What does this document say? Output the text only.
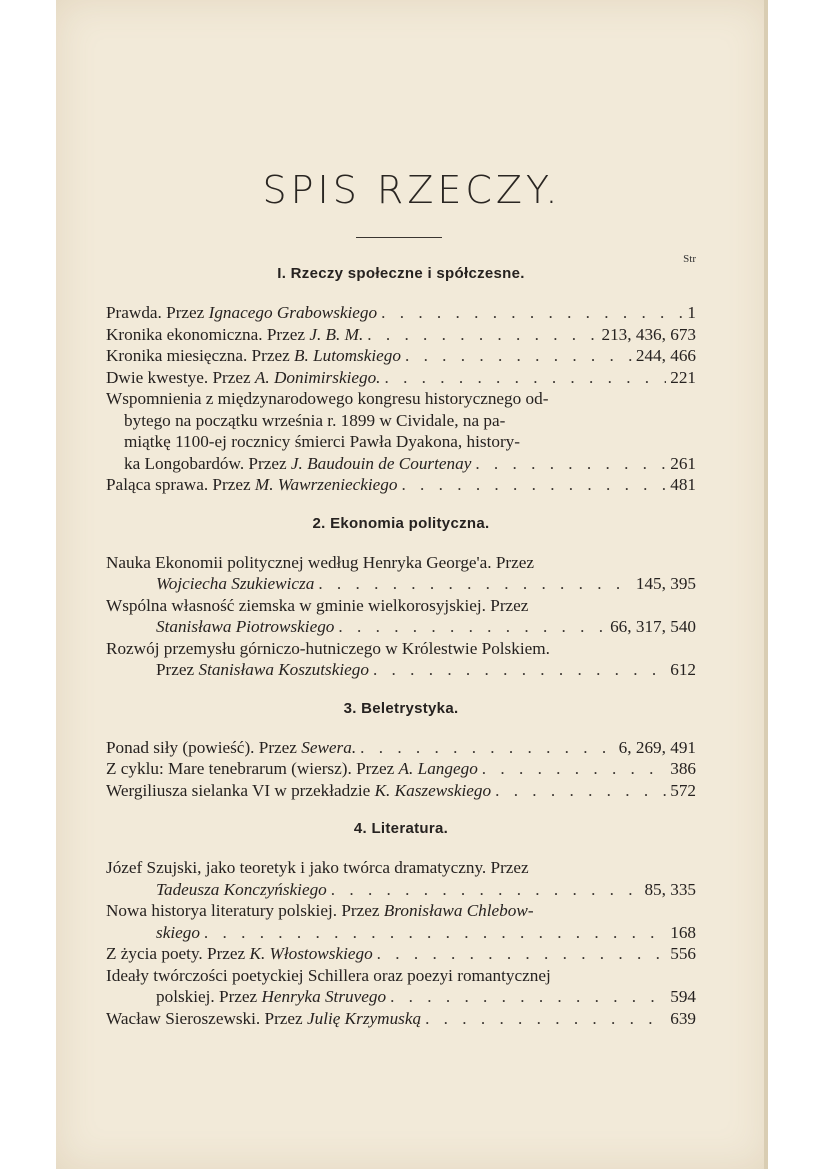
SPIS RZECZY.
Str
I. Rzeczy społeczne i spółczesne.
Prawda. Przez Ignacego Grabowskiego . . .	1
Kronika ekonomiczna. Przez J. B. M. . . .	213, 436, 673
Kronika miesięczna. Przez B. Lutomskiego . . .	244, 466
Dwie kwestye. Przez A. Donimirskiego. . . .	221
Wspomnienia z międzynarodowego kongresu historycznego od-
bytego na początku września r. 1899 w Cividale, na pa-
miątkę 1100-ej rocznicy śmierci Pawła Dyakona, history-
ka Longobardów. Przez J. Baudouin de Courtenay . . .	261
Paląca sprawa. Przez M. Wawrzenieckiego . . .	481
2. Ekonomia polityczna.
Nauka Ekonomii politycznej według Henryka George'a. Przez
Wojciecha Szukiewicza . . .	145, 395
Wspólna własność ziemska w gminie wielkorosyjskiej. Przez
Stanisława Piotrowskiego . . .	66, 317, 540
Rozwój przemysłu górniczo-hutniczego w Królestwie Polskiem.
Przez Stanisława Koszutskiego . . .	612
3. Beletrystyka.
Ponad siły (powieść). Przez Sewera. . . .	6, 269, 491
Z cyklu: Mare tenebrarum (wiersz). Przez A. Langego . . .	386
Wergiliusza sielanka VI w przekładzie K. Kaszewskiego . . .	572
4. Literatura.
Józef Szujski, jako teoretyk i jako twórca dramatyczny. Przez
Tadeusza Konczyńskiego . . .	85, 335
Nowa historya literatury polskiej. Przez Bronisława Chlebow-
skiego . . .	168
Z życia poety. Przez K. Włostowskiego . . .	556
Ideały twórczości poetyckiej Schillera oraz poezyi romantycznej
polskiej. Przez Henryka Struvego . . .	594
Wacław Sieroszewski. Przez Julię Krzymuską . . .	639
